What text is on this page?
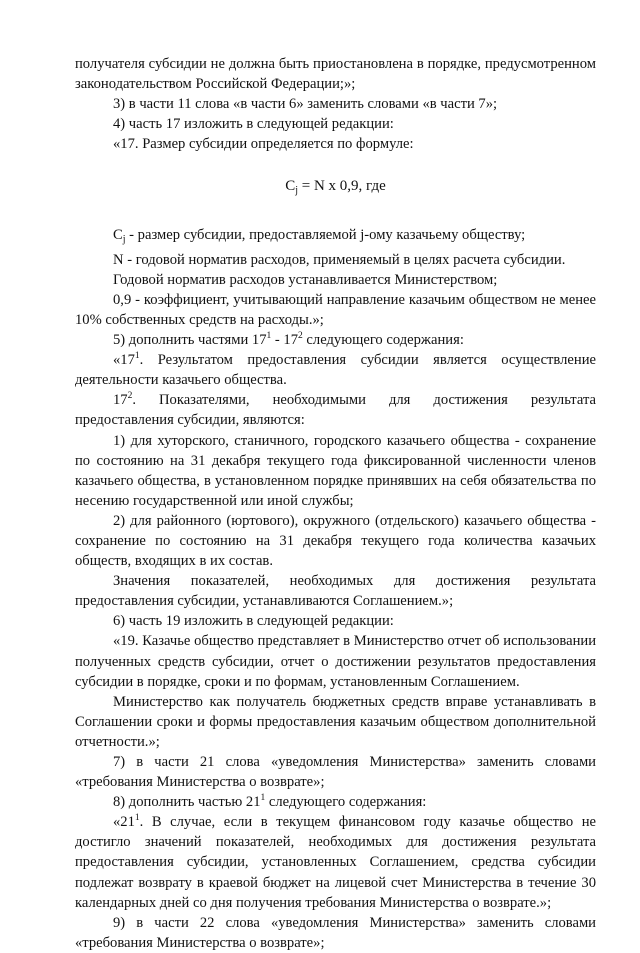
получателя субсидии не должна быть приостановлена в порядке, предусмотренном законодательством Российской Федерации;»;

3) в части 11 слова «в части 6» заменить словами «в части 7»;

4) часть 17 изложить в следующей редакции:

«17. Размер субсидии определяется по формуле:

$C_j = N$ x 0,9, где

$C_j$ - размер субсидии, предоставляемой j-ому казачьему обществу;

N - годовой норматив расходов, применяемый в целях расчета субсидии.

Годовой норматив расходов устанавливается Министерством;

0,9 - коэффициент, учитывающий направление казачьим обществом не менее 10% собственных средств на расходы.»;

5) дополнить частями $17^1 - 17^2$ следующего содержания:

«$17^1$. Результатом предоставления субсидии является осуществление деятельности казачьего общества.

$17^2$. Показателями, необходимыми для достижения результата предоставления субсидии, являются:

1) для хуторского, станичного, городского казачьего общества - сохранение по состоянию на 31 декабря текущего года фиксированной численности членов казачьего общества, в установленном порядке принявших на себя обязательства по несению государственной или иной службы;

2) для районного (юртового), окружного (отдельского) казачьего общества - сохранение по состоянию на 31 декабря текущего года количества казачьих обществ, входящих в их состав.

Значения показателей, необходимых для достижения результата предоставления субсидии, устанавливаются Соглашением.»;

6) часть 19 изложить в следующей редакции:

«19. Казачье общество представляет в Министерство отчет об использовании полученных средств субсидии, отчет о достижении результатов предоставления субсидии в порядке, сроки и по формам, установленным Соглашением.

Министерство как получатель бюджетных средств вправе устанавливать в Соглашении сроки и формы предоставления казачьим обществом дополнительной отчетности.»;

7) в части 21 слова «уведомления Министерства» заменить словами «требования Министерства о возврате»;

8) дополнить частью $21^1$ следующего содержания:

«$21^1$. В случае, если в текущем финансовом году казачье общество не достигло значений показателей, необходимых для достижения результата предоставления субсидии, установленных Соглашением, средства субсидии подлежат возврату в краевой бюджет на лицевой счет Министерства в течение 30 календарных дней со дня получения требования Министерства о возврате.»;

9) в части 22 слова «уведомления Министерства» заменить словами «требования Министерства о возврате»;
